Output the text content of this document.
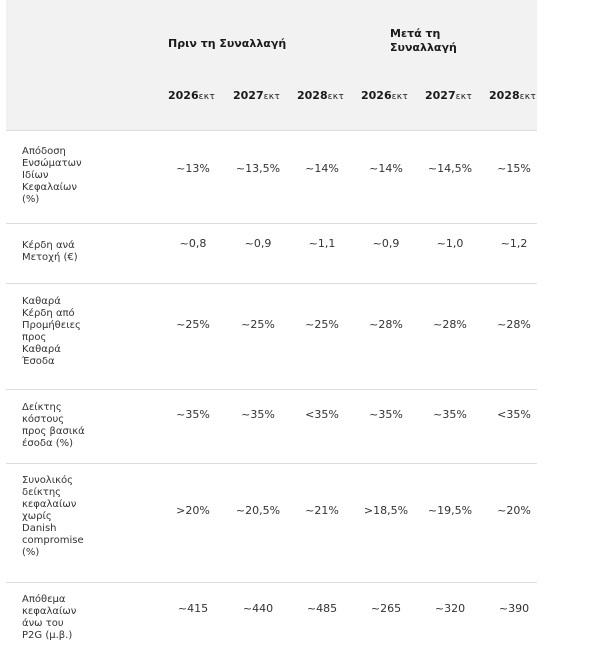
Πριν τη Συναλλαγή
Μετά τη
Συναλλαγή
2026εκτ 2027εκτ 2028εκτ 2026εκτ 2027εκτ 2028εκτ
Απόδοση
Ενσώματων
Ιδίων
Κεφαλαίων
(%)
~13%	~13,5%	~14%	~14%	~14,5%	~15%
Κέρδη ανά
Μετοχή (€)
~0,8	~0,9	~1,1	~0,9	~1,0	~1,2
Καθαρά
Κέρδη από
Προμήθειες
προς
Καθαρά
Έσοδα
~25%	~25%	~25%	~28%	~28%	~28%
Δείκτης
κόστους
προς βασικά
έσοδα (%)
~35%	~35%	<35%	~35%	~35%	<35%
Συνολικός
δείκτης
κεφαλαίων
χωρίς
Danish
compromise
(%)
>20%	~20,5%	~21%	>18,5%	~19,5%	~20%
Απόθεμα
κεφαλαίων
άνω του
P2G (μ.β.)
~415	~440	~485	~265	~320	~390
